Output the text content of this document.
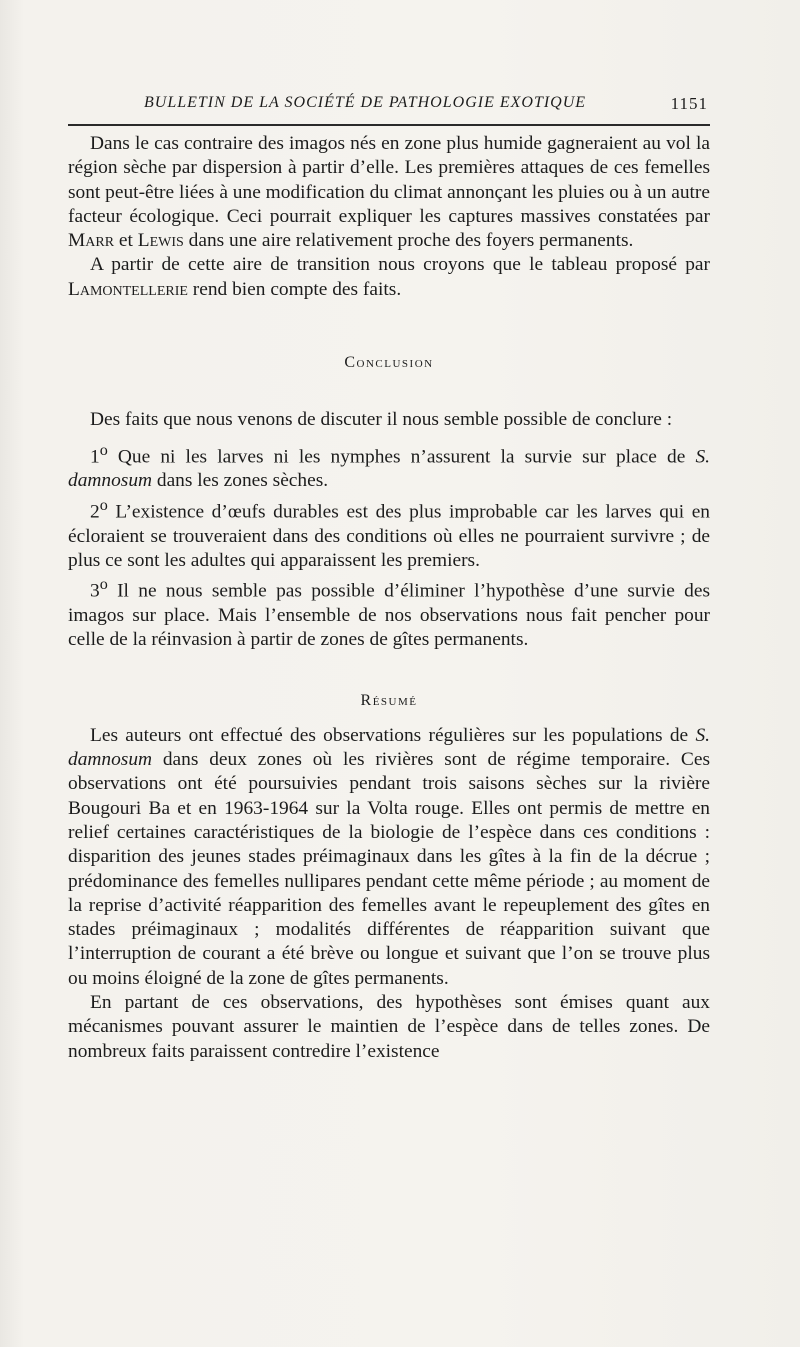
BULLETIN DE LA SOCIÉTÉ DE PATHOLOGIE EXOTIQUE	1151

Dans le cas contraire des imagos nés en zone plus humide gagneraient au vol la région sèche par dispersion à partir d’elle. Les premières attaques de ces femelles sont peut-être liées à une modification du climat annonçant les pluies ou à un autre facteur écologique. Ceci pourrait expliquer les captures massives constatées par Marr et Lewis dans une aire relativement proche des foyers permanents.

A partir de cette aire de transition nous croyons que le tableau proposé par Lamontellerie rend bien compte des faits.

Conclusion

Des faits que nous venons de discuter il nous semble possible de conclure :

1$^o$ Que ni les larves ni les nymphes n’assurent la survie sur place de S. damnosum dans les zones sèches.

2$^o$ L’existence d’œufs durables est des plus improbable car les larves qui en écloraient se trouveraient dans des conditions où elles ne pourraient survivre ; de plus ce sont les adultes qui apparaissent les premiers.

3$^o$ Il ne nous semble pas possible d’éliminer l’hypothèse d’une survie des imagos sur place. Mais l’ensemble de nos observations nous fait pencher pour celle de la réinvasion à partir de zones de gîtes permanents.

Résumé

Les auteurs ont effectué des observations régulières sur les populations de S. damnosum dans deux zones où les rivières sont de régime temporaire. Ces observations ont été poursuivies pendant trois saisons sèches sur la rivière Bougouri Ba et en 1963-1964 sur la Volta rouge. Elles ont permis de mettre en relief certaines caractéristiques de la biologie de l’espèce dans ces conditions : disparition des jeunes stades préimaginaux dans les gîtes à la fin de la décrue ; prédominance des femelles nullipares pendant cette même période ; au moment de la reprise d’activité réapparition des femelles avant le repeuplement des gîtes en stades préimaginaux ; modalités différentes de réapparition suivant que l’interruption de courant a été brève ou longue et suivant que l’on se trouve plus ou moins éloigné de la zone de gîtes permanents.

En partant de ces observations, des hypothèses sont émises quant aux mécanismes pouvant assurer le maintien de l’espèce dans de telles zones. De nombreux faits paraissent contredire l’existence
